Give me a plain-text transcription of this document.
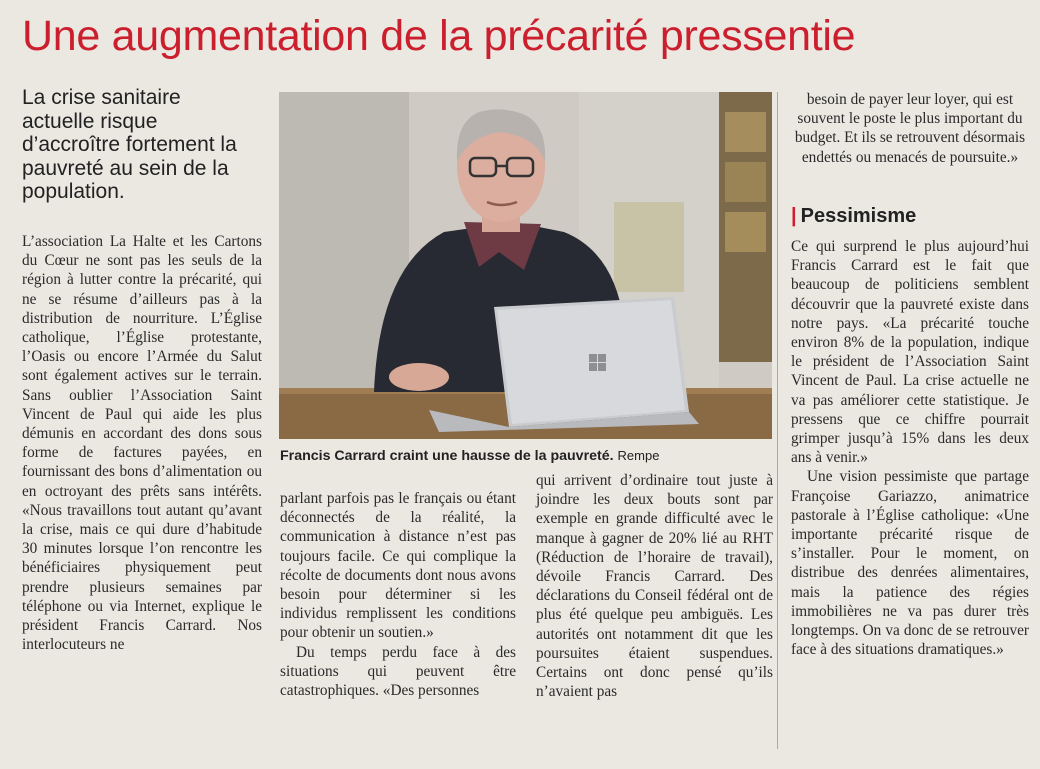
Une augmentation de la précarité pressentie
La crise sanitaire actuelle risque d’accroître fortement la pauvreté au sein de la population.

L’association La Halte et les Cartons du Cœur ne sont pas les seuls de la région à lutter contre la précarité, qui ne se résume d’ailleurs pas à la distribution de nourriture. L’Église catholique, l’Église protestante, l’Oasis ou encore l’Armée du Salut sont également actives sur le terrain. Sans oublier l’Association Saint Vincent de Paul qui aide les plus démunis en accordant des dons sous forme de factures payées, en fournissant des bons d’alimentation ou en octroyant des prêts sans intérêts. «Nous travaillons tout autant qu’avant la crise, mais ce qui dure d’habitude 30 minutes lorsque l’on rencontre les bénéficiaires physiquement peut prendre plusieurs semaines par téléphone ou via Internet, explique le président Francis Carrard. Nos interlocuteurs ne

Francis Carrard craint une hausse de la pauvreté. Rempe

parlant parfois pas le français ou étant déconnectés de la réalité, la communication à distance n’est pas toujours facile. Ce qui complique la récolte de documents dont nous avons besoin pour déterminer si les individus remplissent les conditions pour obtenir un soutien.»

Du temps perdu face à des situations qui peuvent être catastrophiques. «Des personnes

qui arrivent d’ordinaire tout juste à joindre les deux bouts sont par exemple en grande difficulté avec le manque à gagner de 20% lié au RHT (Réduction de l’horaire de travail), dévoile Francis Carrard. Des déclarations du Conseil fédéral ont de plus été quelque peu ambiguës. Les autorités ont notamment dit que les poursuites étaient suspendues. Certains ont donc pensé qu’ils n’avaient pas

besoin de payer leur loyer, qui est souvent le poste le plus important du budget. Et ils se retrouvent désormais endettés ou menacés de poursuite.»

| Pessimisme

Ce qui surprend le plus aujourd’hui Francis Carrard est le fait que beaucoup de politiciens semblent découvrir que la pauvreté existe dans notre pays. «La précarité touche environ 8% de la population, indique le président de l’Association Saint Vincent de Paul. La crise actuelle ne va pas améliorer cette statistique. Je pressens que ce chiffre pourrait grimper jusqu’à 15% dans les deux ans à venir.»

Une vision pessimiste que partage Françoise Gariazzo, animatrice pastorale à l’Église catholique: «Une importante précarité risque de s’installer. Pour le moment, on distribue des denrées alimentaires, mais la patience des régies immobilières ne va pas durer très longtemps. On va donc de se retrouver face à des situations dramatiques.»
